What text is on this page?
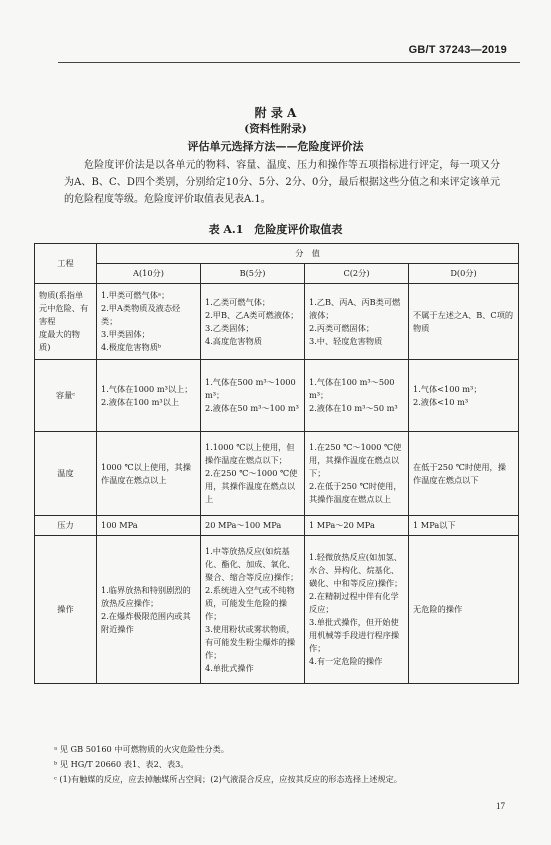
GB/T 37243—2019
附 录 A
(资料性附录)
评估单元选择方法——危险度评价法

危险度评价法是以各单元的物料、容量、温度、压力和操作等五项指标进行评定，每一项又分为A、B、C、D四个类别，分别给定10分、5分、2分、0分，最后根据这些分值之和来评定该单元的危险程度等级。危险度评价取值表见表A.1。

表 A.1　危险度评价取值表
工程	分　值			
	A(10分)	B(5分)	C(2分)	D(0分)

物质(系指单
元中危险、有
害程
度最大的物
质)	1.甲类可燃气体ᵃ；
2.甲A类物质及液态烃类；
3.甲类固体；
4.极度危害物质ᵇ	1.乙类可燃气体；
2.甲B、乙A类可燃液体；
3.乙类固体；
4.高度危害物质	1.乙B、丙A、丙B类可燃液体；
2.丙类可燃固体；
3.中、轻度危害物质	不属于左述之A、B、C项的物质

容量ᶜ	1.气体在1000 m³以上；
2.液体在100 m³以上	1.气体在500 m³～1000 m³；
2.液体在50 m³～100 m³	1.气体在100 m³～500 m³；
2.液体在10 m³～50 m³	1.气体<100 m³；
2.液体<10 m³

温度	1000 ℃以上使用，其操作温度在燃点以上	1.1000 ℃以上使用，但操作温度在燃点以下；
2.在250 ℃～1000 ℃使用，其操作温度在燃点以上	1.在250 ℃～1000 ℃使用，其操作温度在燃点以下；
2.在低于250 ℃时使用，其操作温度在燃点以上	在低于250 ℃时使用，操作温度在燃点以下

压力	100 MPa	20 MPa～100 MPa	1 MPa～20 MPa	1 MPa以下

操作	1.临界放热和特别剧烈的放热反应操作；
2.在爆炸极限范围内或其附近操作	1.中等放热反应(如烷基化、酯化、加成、氧化、聚合、缩合等反应)操作；
2.系统进入空气或不纯物质，可能发生危险的操作；
3.使用粉状或雾状物质，有可能发生粉尘爆炸的操作；
4.单批式操作	1.轻微放热反应(如加氢、水合、异构化、烷基化、磺化、中和等反应)操作；
2.在精制过程中伴有化学反应；
3.单批式操作，但开始使用机械等手段进行程序操作；
4.有一定危险的操作	无危险的操作
ᵃ 见 GB 50160 中可燃物质的火灾危险性分类。
ᵇ 见 HG/T 20660 表1、表2、表3。
ᶜ (1)有触媒的反应，应去掉触媒所占空间；(2)气液混合反应，应按其反应的形态选择上述规定。
17
